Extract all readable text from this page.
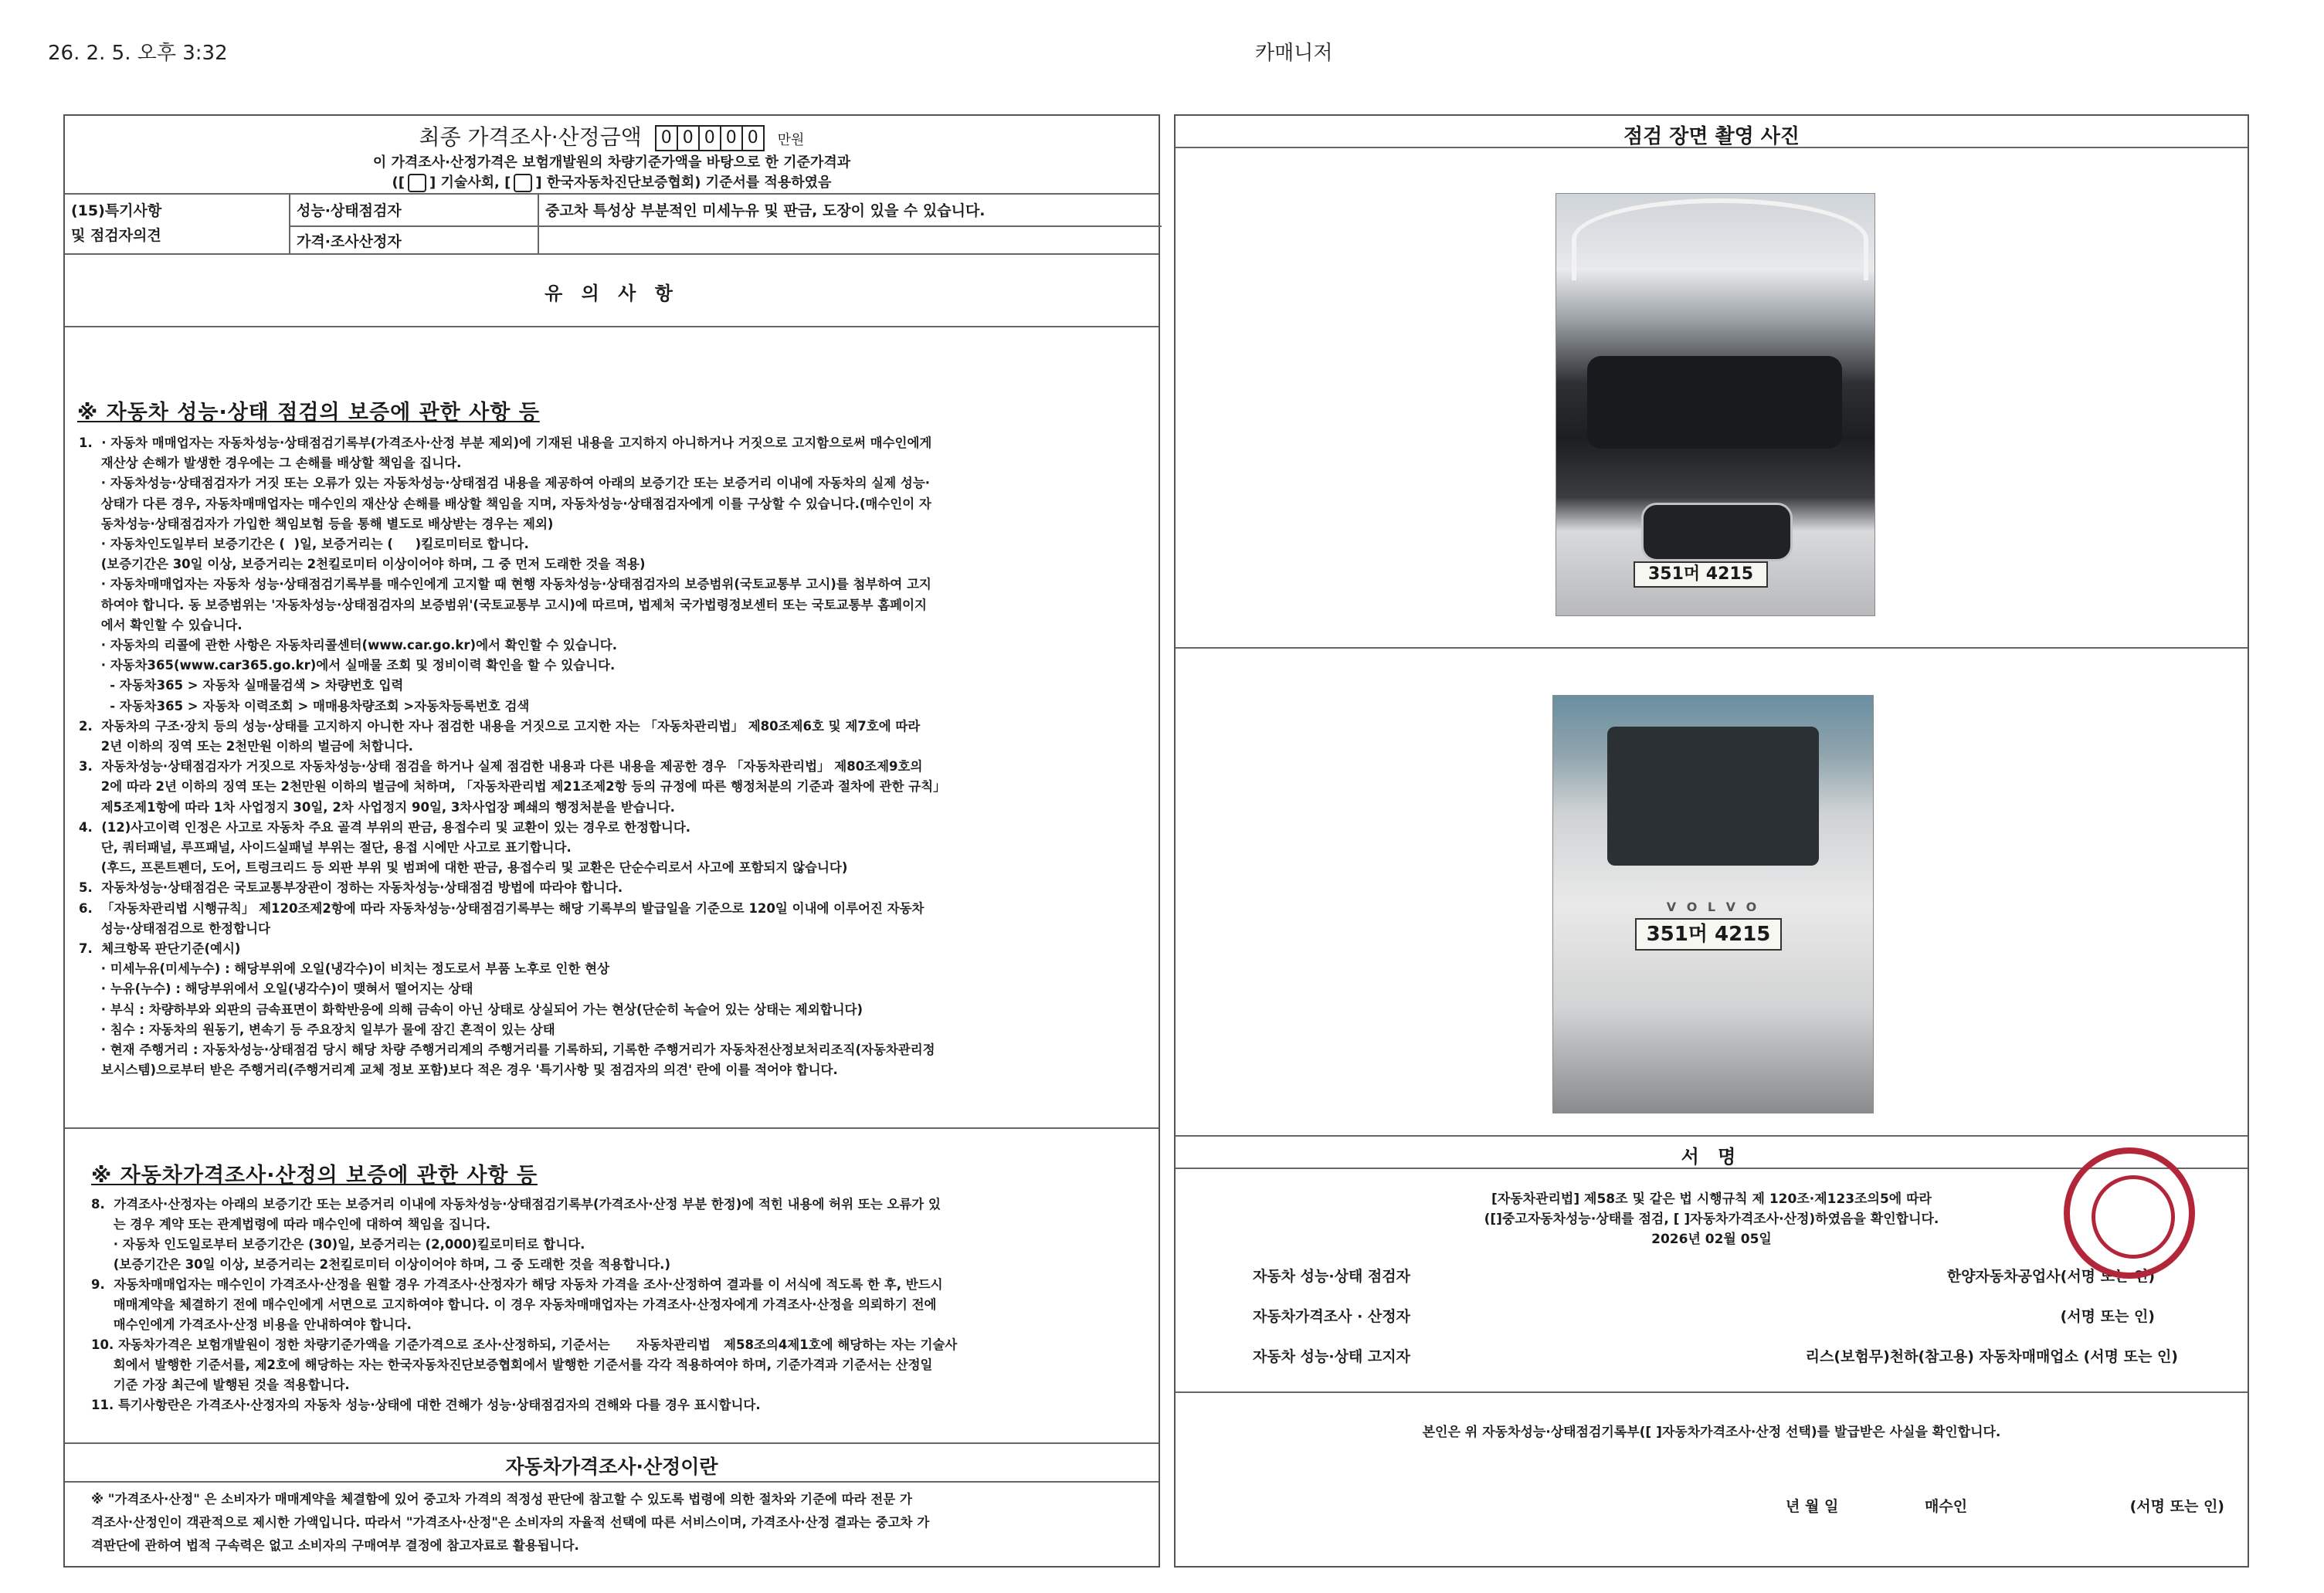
26. 2. 5. 오후 3:32	카매니저
최종 가격조사·산정금액 0 0 0 0 0	만원
이 가격조사·산정가격은 보험개발원의 차량기준가액을 바탕으로 한 기준가격과
([ ] 기술사회, [ ] 한국자동차진단보증협회) 기준서를 적용하였음
(15)특기사항
및 점검자의견
성능·상태점검자	중고차 특성상 부분적인 미세누유 및 판금, 도장이 있을 수 있습니다.
가격·조사산정자
유 의 사 항
※ 자동차 성능·상태 점검의 보증에 관한 사항 등
1.  · 자동차 매매업자는 자동차성능·상태점검기록부(가격조사·산정 부분 제외)에 기재된 내용을 고지하지 아니하거나 거짓으로 고지함으로써 매수인에게
재산상 손해가 발생한 경우에는 그 손해를 배상할 책임을 집니다.
· 자동차성능·상태점검자가 거짓 또는 오류가 있는 자동차성능·상태점검 내용을 제공하여 아래의 보증기간 또는 보증거리 이내에 자동차의 실제 성능·
상태가 다른 경우, 자동차매매업자는 매수인의 재산상 손해를 배상할 책임을 지며, 자동차성능·상태점검자에게 이를 구상할 수 있습니다.(매수인이 자
동차성능·상태점검자가 가입한 책임보험 등을 통해 별도로 배상받는 경우는 제외)
· 자동차인도일부터 보증기간은 (  )일, 보증거리는 (     )킬로미터로 합니다.
(보증기간은 30일 이상, 보증거리는 2천킬로미터 이상이어야 하며, 그 중 먼저 도래한 것을 적용)
· 자동차매매업자는 자동차 성능·상태점검기록부를 매수인에게 고지할 때 현행 자동차성능·상태점검자의 보증범위(국토교통부 고시)를 첨부하여 고지
하여야 합니다. 동 보증범위는 '자동차성능·상태점검자의 보증범위'(국토교통부 고시)에 따르며, 법제처 국가법령정보센터 또는 국토교통부 홈페이지
에서 확인할 수 있습니다.
· 자동차의 리콜에 관한 사항은 자동차리콜센터(www.car.go.kr)에서 확인할 수 있습니다.
· 자동차365(www.car365.go.kr)에서 실매물 조회 및 정비이력 확인을 할 수 있습니다.
- 자동차365 > 자동차 실매물검색 > 차량번호 입력
- 자동차365 > 자동차 이력조회 > 매매용차량조회 >자동차등록번호 검색
2.  자동차의 구조·장치 등의 성능·상태를 고지하지 아니한 자나 점검한 내용을 거짓으로 고지한 자는 「자동차관리법」 제80조제6호 및 제7호에 따라
2년 이하의 징역 또는 2천만원 이하의 벌금에 처합니다.
3.  자동차성능·상태점검자가 거짓으로 자동차성능·상태 점검을 하거나 실제 점검한 내용과 다른 내용을 제공한 경우 「자동차관리법」 제80조제9호의
2에 따라 2년 이하의 징역 또는 2천만원 이하의 벌금에 처하며, 「자동차관리법 제21조제2항 등의 규정에 따른 행정처분의 기준과 절차에 관한 규칙」
제5조제1항에 따라 1차 사업정지 30일, 2차 사업정지 90일, 3차사업장 폐쇄의 행정처분을 받습니다.
4.  (12)사고이력 인정은 사고로 자동차 주요 골격 부위의 판금, 용접수리 및 교환이 있는 경우로 한정합니다.
단, 쿼터패널, 루프패널, 사이드실패널 부위는 절단, 용접 시에만 사고로 표기합니다.
(후드, 프론트펜더, 도어, 트렁크리드 등 외판 부위 및 범퍼에 대한 판금, 용접수리 및 교환은 단순수리로서 사고에 포함되지 않습니다)
5.  자동차성능·상태점검은 국토교통부장관이 정하는 자동차성능·상태점검 방법에 따라야 합니다.
6.  「자동차관리법 시행규칙」 제120조제2항에 따라 자동차성능·상태점검기록부는 해당 기록부의 발급일을 기준으로 120일 이내에 이루어진 자동차
성능·상태점검으로 한정합니다
7.  체크항목 판단기준(예시)
· 미세누유(미세누수) : 해당부위에 오일(냉각수)이 비치는 정도로서 부품 노후로 인한 현상
· 누유(누수) : 해당부위에서 오일(냉각수)이 맺혀서 떨어지는 상태
· 부식 : 차량하부와 외판의 금속표면이 화학반응에 의해 금속이 아닌 상태로 상실되어 가는 현상(단순히 녹슬어 있는 상태는 제외합니다)
· 침수 : 자동차의 원동기, 변속기 등 주요장치 일부가 물에 잠긴 흔적이 있는 상태
· 현재 주행거리 : 자동차성능·상태점검 당시 해당 차량 주행거리계의 주행거리를 기록하되, 기록한 주행거리가 자동차전산정보처리조직(자동차관리정
보시스템)으로부터 받은 주행거리(주행거리계 교체 정보 포함)보다 적은 경우 '특기사항 및 점검자의 의견' 란에 이를 적어야 합니다.
※ 자동차가격조사·산정의 보증에 관한 사항 등
8.  가격조사·산정자는 아래의 보증기간 또는 보증거리 이내에 자동차성능·상태점검기록부(가격조사·산정 부분 한정)에 적힌 내용에 허위 또는 오류가 있
는 경우 계약 또는 관계법령에 따라 매수인에 대하여 책임을 집니다.
· 자동차 인도일로부터 보증기간은 (30)일, 보증거리는 (2,000)킬로미터로 합니다.
(보증기간은 30일 이상, 보증거리는 2천킬로미터 이상이어야 하며, 그 중 도래한 것을 적용합니다.)
9.  자동차매매업자는 매수인이 가격조사·산정을 원할 경우 가격조사·산정자가 해당 자동차 가격을 조사·산정하여 결과를 이 서식에 적도록 한 후, 반드시
매매계약을 체결하기 전에 매수인에게 서면으로 고지하여야 합니다. 이 경우 자동차매매업자는 가격조사·산정자에게 가격조사·산정을 의뢰하기 전에
매수인에게 가격조사·산정 비용을 안내하여야 합니다.
10. 자동차가격은 보험개발원이 정한 차량기준가액을 기준가격으로 조사·산정하되, 기준서는      자동차관리법   제58조의4제1호에 해당하는 자는 기술사
회에서 발행한 기준서를, 제2호에 해당하는 자는 한국자동차진단보증협회에서 발행한 기준서를 각각 적용하여야 하며, 기준가격과 기준서는 산정일
기준 가장 최근에 발행된 것을 적용합니다.
11. 특기사항란은 가격조사·산정자의 자동차 성능·상태에 대한 견해가 성능·상태점검자의 견해와 다를 경우 표시합니다.
자동차가격조사·산정이란
※ "가격조사·산정" 은 소비자가 매매계약을 체결함에 있어 중고차 가격의 적정성 판단에 참고할 수 있도록 법령에 의한 절차와 기준에 따라 전문 가
격조사·산정인이 객관적으로 제시한 가액입니다. 따라서 "가격조사·산정"은 소비자의 자율적 선택에 따른 서비스이며, 가격조사·산정 결과는 중고차 가
격판단에 관하여 법적 구속력은 없고 소비자의 구매여부 결정에 참고자료로 활용됩니다.
점검 장면 촬영 사진
351머 4215
V O L V O
351머 4215
서 명
[자동차관리법] 제58조 및 같은 법 시행규칙 제 120조·제123조의5에 따라
([]중고자동차성능·상태를 점검, [ ]자동차가격조사·산정)하였음을 확인합니다.
2026년 02월 05일
자동차 성능·상태 점검자	한양자동차공업사(서명 또는 인)
자동차가격조사 · 산정자	(서명 또는 인)
자동차 성능·상태 고지자	리스(보험무)천하(참고용) 자동차매매업소 (서명 또는 인)
본인은 위 자동차성능·상태점검기록부([ ]자동차가격조사·산정 선택)를 발급받은 사실을 확인합니다.
년 월 일	매수인	(서명 또는 인)
